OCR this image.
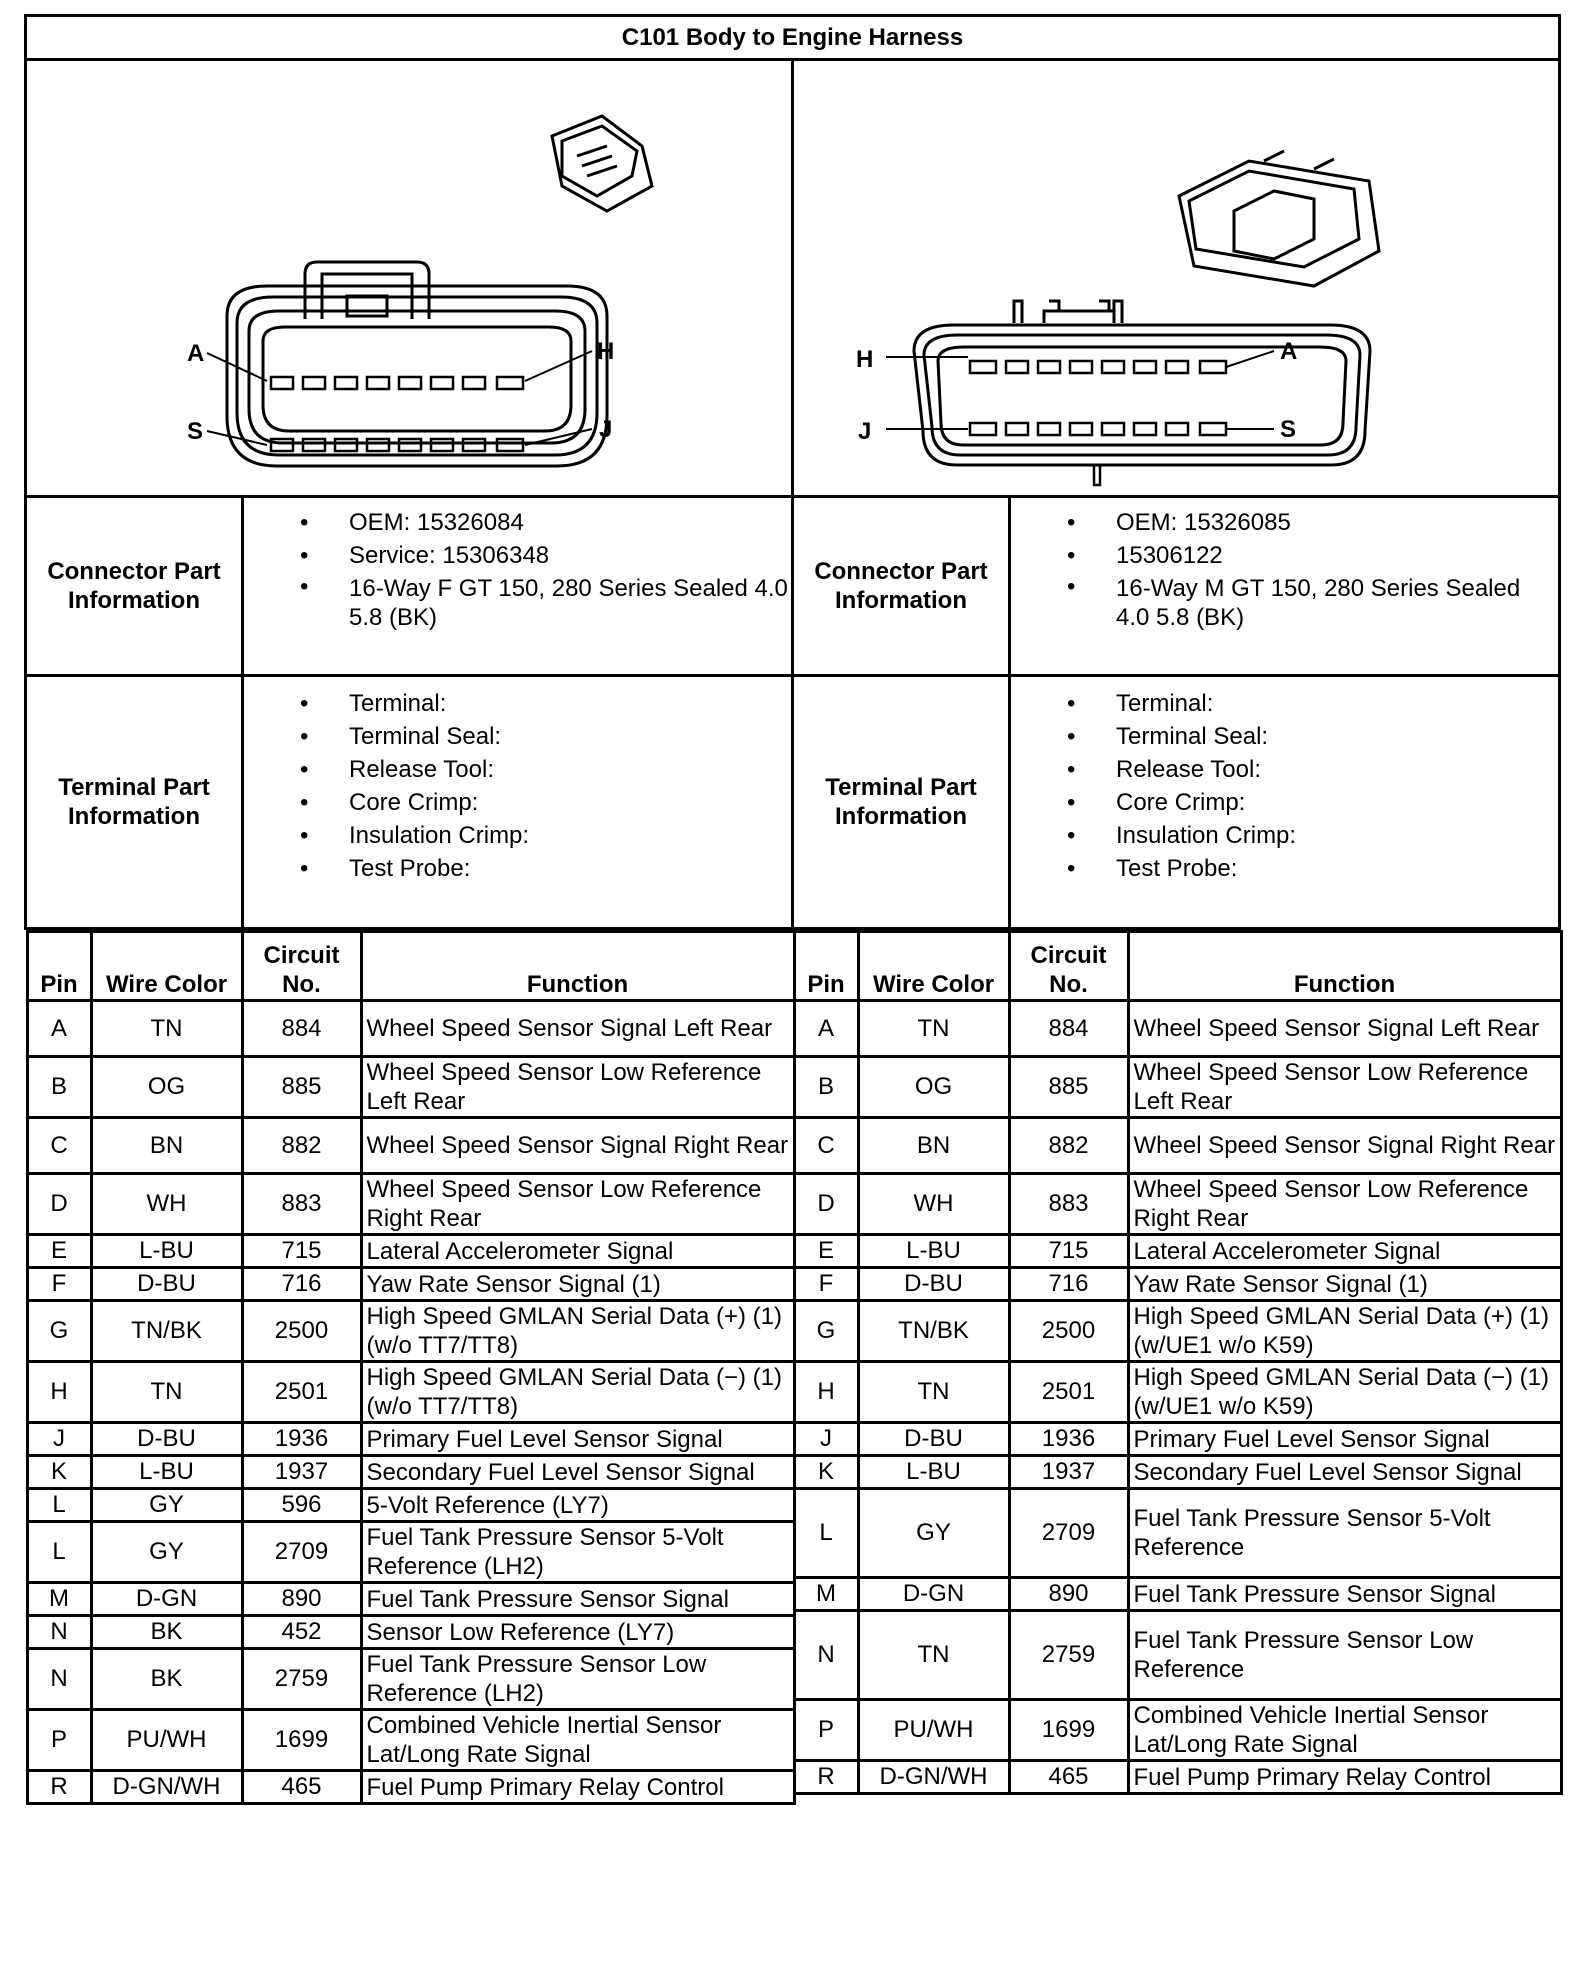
C101 Body to Engine Harness

A	H
S	J

H	A
J	S

Connector Part Information	
• OEM: 15326084
• Service: 15306348
• 16-Way F GT 150, 280 Series Sealed 4.0 5.8 (BK)
	Connector Part Information	
• OEM: 15326085
• 15306122
• 16-Way M GT 150, 280 Series Sealed 4.0 5.8 (BK)

Terminal Part Information	
• Terminal:
• Terminal Seal:
• Release Tool:
• Core Crimp:
• Insulation Crimp:
• Test Probe:
	Terminal Part Information	
• Terminal:
• Terminal Seal:
• Release Tool:
• Core Crimp:
• Insulation Crimp:
• Test Probe:

Pin	Wire Color	Circuit No.	Function
A	TN	884	Wheel Speed Sensor Signal Left Rear
B	OG	885	Wheel Speed Sensor Low Reference Left Rear
C	BN	882	Wheel Speed Sensor Signal Right Rear
D	WH	883	Wheel Speed Sensor Low Reference Right Rear
E	L-BU	715	Lateral Accelerometer Signal
F	D-BU	716	Yaw Rate Sensor Signal (1)
G	TN/BK	2500	High Speed GMLAN Serial Data (+) (1) (w/o TT7/TT8)
H	TN	2501	High Speed GMLAN Serial Data (−) (1) (w/o TT7/TT8)
J	D-BU	1936	Primary Fuel Level Sensor Signal
K	L-BU	1937	Secondary Fuel Level Sensor Signal
L	GY	596	5-Volt Reference (LY7)
L	GY	2709	Fuel Tank Pressure Sensor 5-Volt Reference (LH2)
M	D-GN	890	Fuel Tank Pressure Sensor Signal
N	BK	452	Sensor Low Reference (LY7)
N	BK	2759	Fuel Tank Pressure Sensor Low Reference (LH2)
P	PU/WH	1699	Combined Vehicle Inertial Sensor Lat/Long Rate Signal
R	D-GN/WH	465	Fuel Pump Primary Relay Control

Pin	Wire Color	Circuit No.	Function
A	TN	884	Wheel Speed Sensor Signal Left Rear
B	OG	885	Wheel Speed Sensor Low Reference Left Rear
C	BN	882	Wheel Speed Sensor Signal Right Rear
D	WH	883	Wheel Speed Sensor Low Reference Right Rear
E	L-BU	715	Lateral Accelerometer Signal
F	D-BU	716	Yaw Rate Sensor Signal (1)
G	TN/BK	2500	High Speed GMLAN Serial Data (+) (1) (w/UE1 w/o K59)
H	TN	2501	High Speed GMLAN Serial Data (−) (1) (w/UE1 w/o K59)
J	D-BU	1936	Primary Fuel Level Sensor Signal
K	L-BU	1937	Secondary Fuel Level Sensor Signal
L	GY	2709	Fuel Tank Pressure Sensor 5-Volt Reference
M	D-GN	890	Fuel Tank Pressure Sensor Signal
N	TN	2759	Fuel Tank Pressure Sensor Low Reference
P	PU/WH	1699	Combined Vehicle Inertial Sensor Lat/Long Rate Signal
R	D-GN/WH	465	Fuel Pump Primary Relay Control
